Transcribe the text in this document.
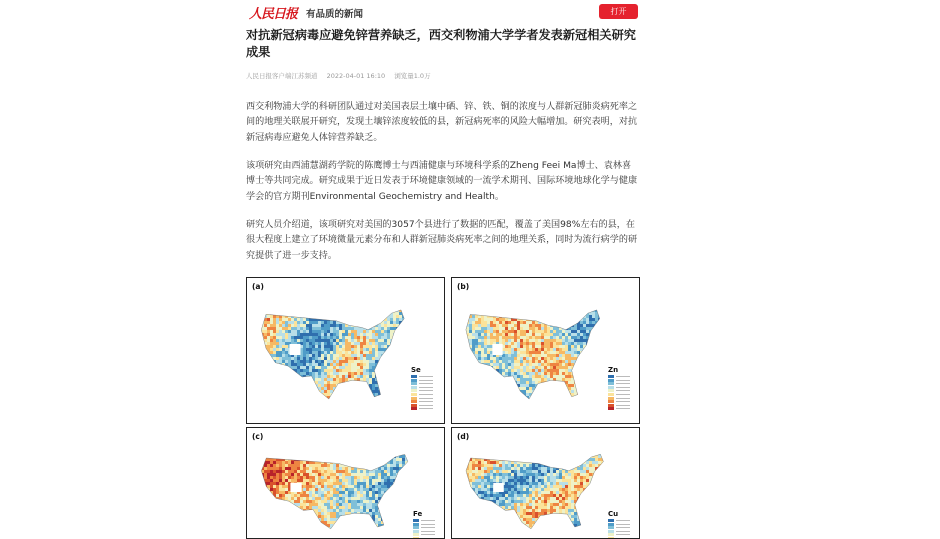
人民日报 有品质的新闻	打开
对抗新冠病毒应避免锌营养缺乏，西交利物浦大学学者发表新冠相关研究成果
人民日报客户端江苏频道 2022-04-01 16:10 浏览量1.0万

西交利物浦大学的科研团队通过对美国表层土壤中硒、锌、铁、铜的浓度与人群新冠肺炎病死率之间的地理关联展开研究，发现土壤锌浓度较低的县，新冠病死率的风险大幅增加。研究表明，对抗新冠病毒应避免人体锌营养缺乏。

该项研究由西浦慧湖药学院的陈鹰博士与西浦健康与环境科学系的Zheng Feei Ma博士、袁林喜博士等共同完成。研究成果于近日发表于环境健康领域的一流学术期刊、国际环境地球化学与健康学会的官方期刊Environmental Geochemistry and Health。

研究人员介绍道，该项研究对美国的3057个县进行了数据的匹配，覆盖了美国98%左右的县，在很大程度上建立了环境微量元素分布和人群新冠肺炎病死率之间的地理关系，同时为流行病学的研究提供了进一步支持。

(a)
Se
(b)
Zn
(c)
Fe
(d)
Cu
